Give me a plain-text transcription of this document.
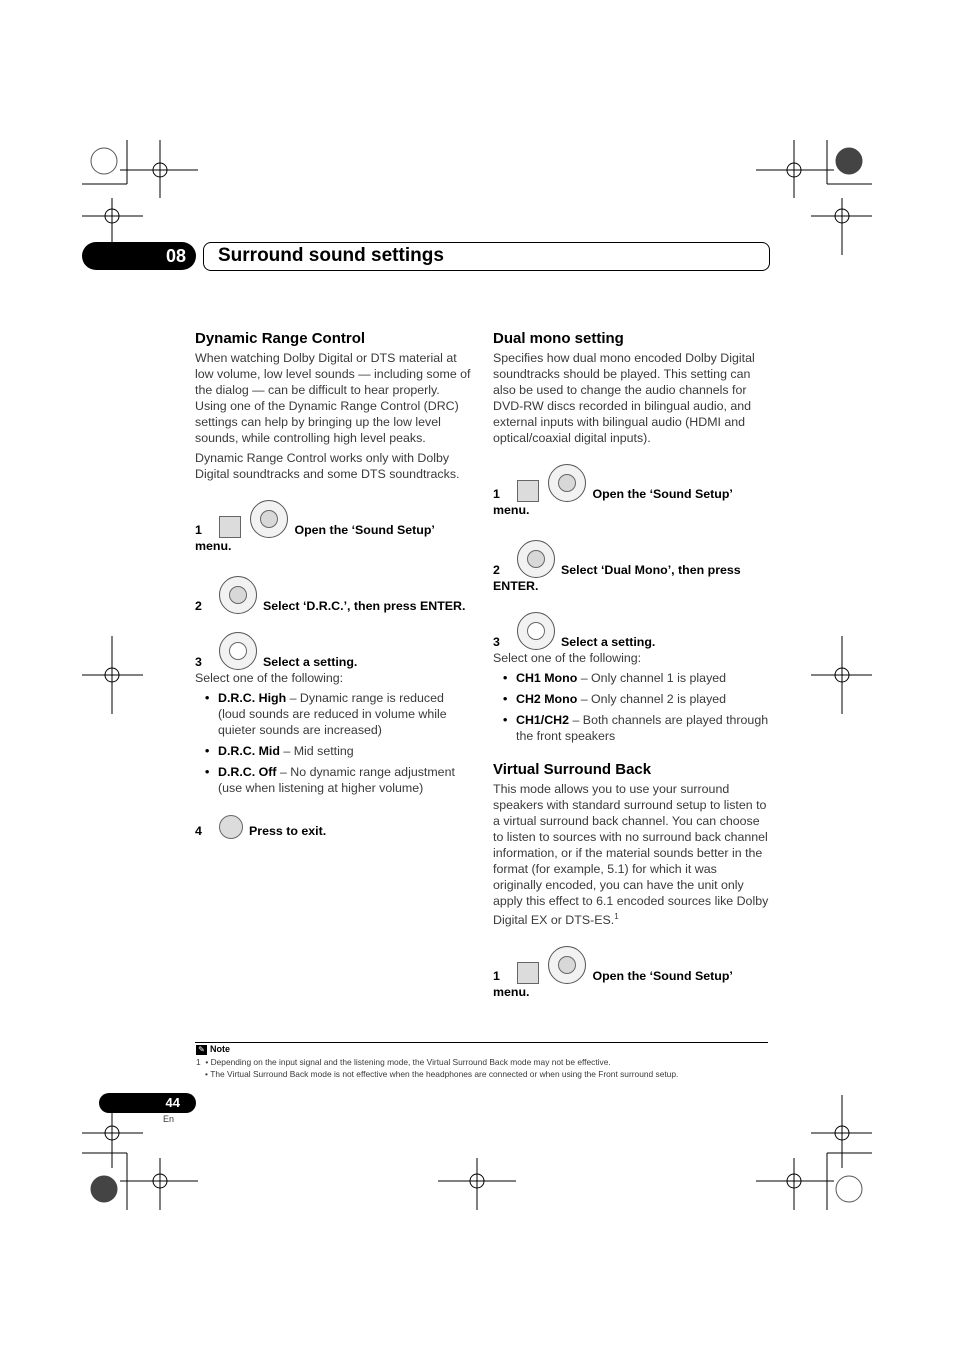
08 Surround sound settings
Dynamic Range Control

When watching Dolby Digital or DTS material at low volume, low level sounds — including some of the dialog — can be difficult to hear properly. Using one of the Dynamic Range Control (DRC) settings can help by bringing up the low level sounds, while controlling high level peaks.

Dynamic Range Control works only with Dolby Digital soundtracks and some DTS soundtracks.

1	Open the ‘Sound Setup’
menu.
2	Select ‘D.R.C.’, then press ENTER.
3	Select a setting.

Select one of the following:

• D.R.C. High – Dynamic range is reduced (loud sounds are reduced in volume while quieter sounds are increased)
• D.R.C. Mid – Mid setting
• D.R.C. Off – No dynamic range adjustment (use when listening at higher volume)
4	Press to exit.
Dual mono setting

Specifies how dual mono encoded Dolby Digital soundtracks should be played. This setting can also be used to change the audio channels for DVD-RW discs recorded in bilingual audio, and external inputs with bilingual audio (HDMI and optical/coaxial digital inputs).

1	Open the ‘Sound Setup’
menu.
2	Select ‘Dual Mono’, then press
ENTER.
3	Select a setting.

Select one of the following:

• CH1 Mono – Only channel 1 is played
• CH2 Mono – Only channel 2 is played
• CH1/CH2 – Both channels are played through the front speakers
Virtual Surround Back

This mode allows you to use your surround speakers with standard surround setup to listen to a virtual surround back channel. You can choose to listen to sources with no surround back channel information, or if the material sounds better in the format (for example, 5.1) for which it was originally encoded, you can have the unit only apply this effect to 6.1 encoded sources like Dolby Digital EX or DTS-ES.$^1$

1	Open the ‘Sound Setup’
menu.
✎ Note
1  • Depending on the input signal and the listening mode, the Virtual Surround Back mode may not be effective.
• The Virtual Surround Back mode is not effective when the headphones are connected or when using the Front surround setup.
44
En
